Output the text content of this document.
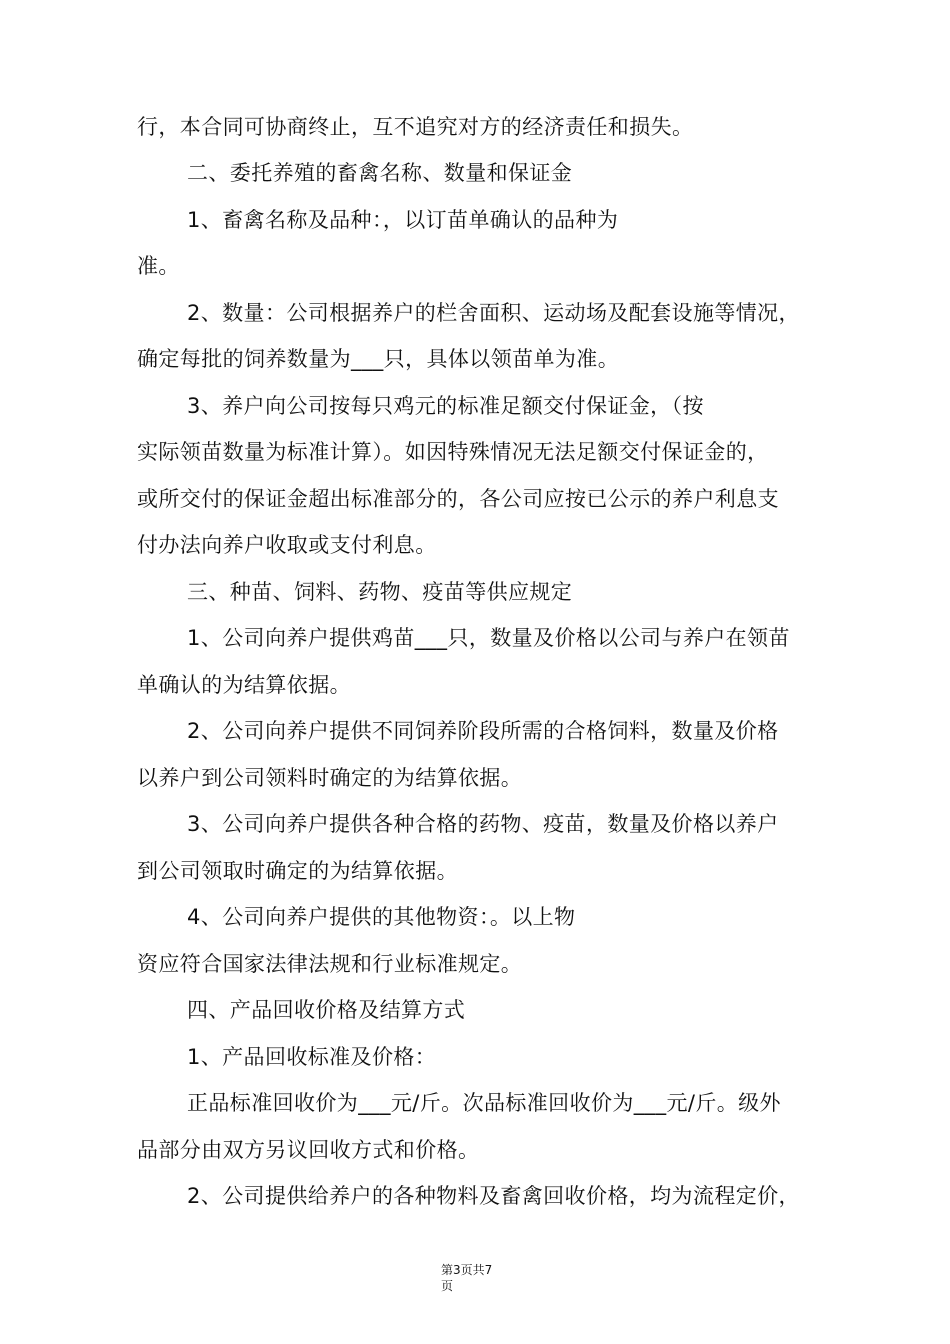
行，本合同可协商终止，互不追究对方的经济责任和损失。
二、委托养殖的畜禽名称、数量和保证金
1、畜禽名称及品种：，以订苗单确认的品种为
准。
2、数量：公司根据养户的栏舍面积、运动场及配套设施等情况，
确定每批的饲养数量为___只，具体以领苗单为准。
3、养户向公司按每只鸡元的标准足额交付保证金，（按
实际领苗数量为标准计算）。如因特殊情况无法足额交付保证金的，
或所交付的保证金超出标准部分的，各公司应按已公示的养户利息支
付办法向养户收取或支付利息。
三、种苗、饲料、药物、疫苗等供应规定
1、公司向养户提供鸡苗___只，数量及价格以公司与养户在领苗
单确认的为结算依据。
2、公司向养户提供不同饲养阶段所需的合格饲料，数量及价格
以养户到公司领料时确定的为结算依据。
3、公司向养户提供各种合格的药物、疫苗，数量及价格以养户
到公司领取时确定的为结算依据。
4、公司向养户提供的其他物资：。以上物
资应符合国家法律法规和行业标准规定。
四、产品回收价格及结算方式
1、产品回收标准及价格：
正品标准回收价为___元/斤。次品标准回收价为___元/斤。级外
品部分由双方另议回收方式和价格。
2、公司提供给养户的各种物料及畜禽回收价格，均为流程定价，
第3页共7
页
